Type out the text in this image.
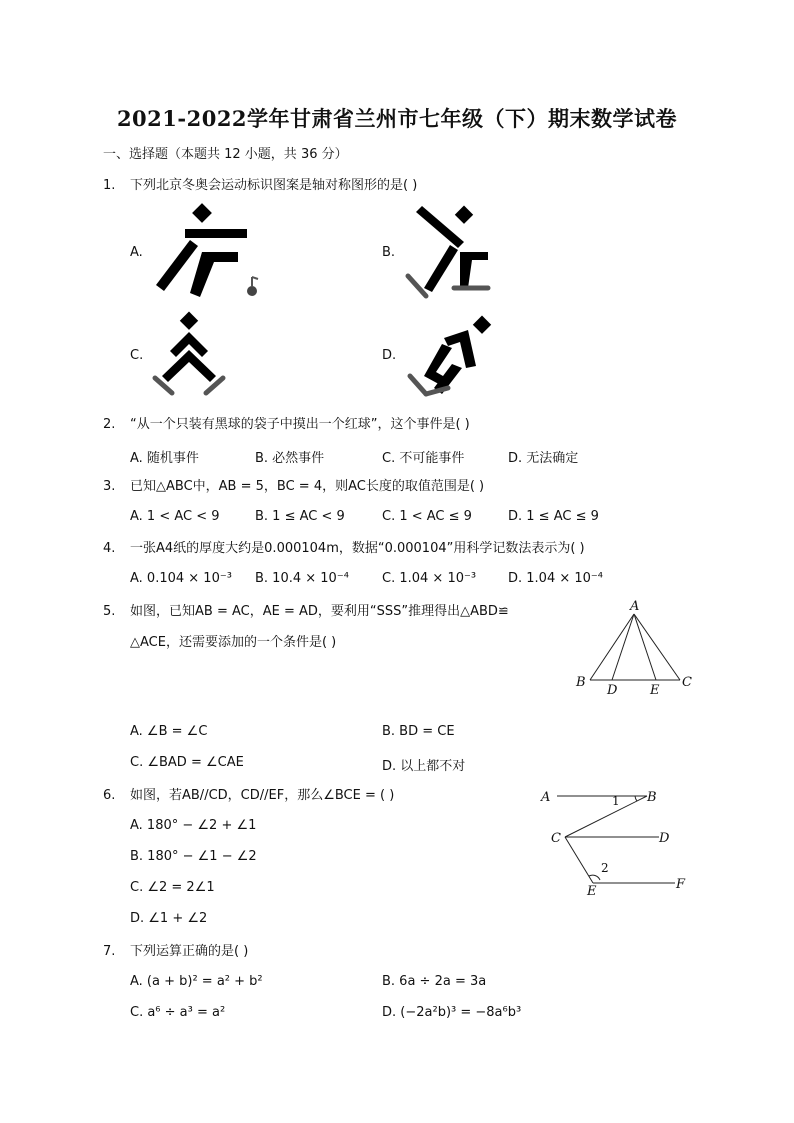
2021-2022学年甘肃省兰州市七年级（下）期末数学试卷
一、选择题（本题共 12 小题，共 36 分）
1. 下列北京冬奥会运动标识图案是轴对称图形的是( )
A.	B.
C.	D.
2. “从一个只装有黑球的袋子中摸出一个红球”，这个事件是( )
A. 随机事件	B. 必然事件	C. 不可能事件	D. 无法确定
3. 已知△ABC中，AB = 5，BC = 4，则AC长度的取值范围是( )
A. 1 < AC < 9	B. 1 ≤ AC < 9	C. 1 < AC ≤ 9	D. 1 ≤ AC ≤ 9
4. 一张A4纸的厚度大约是0.000104m，数据“0.000104”用科学记数法表示为( )
A. 0.104 × 10⁻³ B. 10.4 × 10⁻⁴	C. 1.04 × 10⁻³ D. 1.04 × 10⁻⁴
5. 如图，已知AB = AC，AE = AD，要利用“SSS”推理得出△ABD≌
△ACE，还需要添加的一个条件是( )
A
B
D	E
C
A. ∠B = ∠C	B. BD = CE
C. ∠BAD = ∠CAE	D. 以上都不对
6. 如图，若AB//CD，CD//EF，那么∠BCE = ( )	A	1 B
C	D
2
E	F
A. 180° − ∠2 + ∠1
B. 180° − ∠1 − ∠2
C. ∠2 = 2∠1
D. ∠1 + ∠2
7. 下列运算正确的是( )
A. (a + b)² = a² + b²	B. 6a ÷ 2a = 3a
C. a⁶ ÷ a³ = a²	D. (−2a²b)³ = −8a⁶b³
